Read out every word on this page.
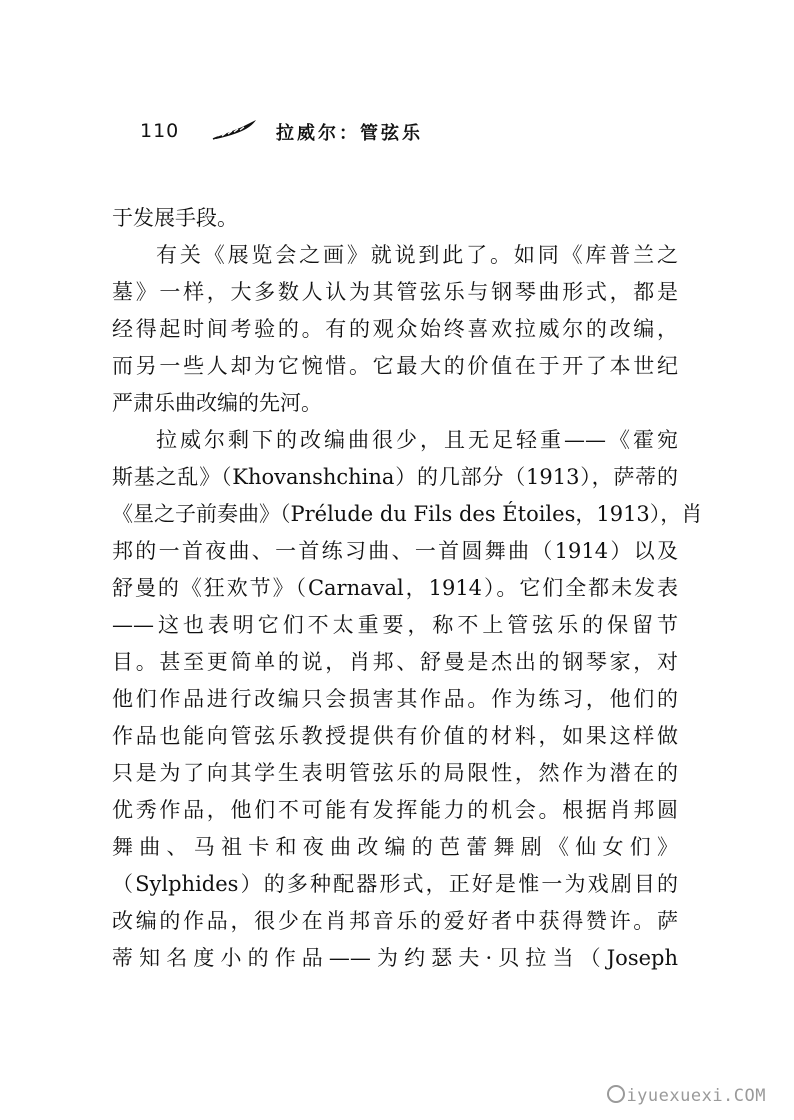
110	拉威尔：管弦乐
于发展手段。
有关《展览会之画》就说到此了。如同《库普兰之
墓》一样，大多数人认为其管弦乐与钢琴曲形式，都是
经得起时间考验的。有的观众始终喜欢拉威尔的改编，
而另一些人却为它惋惜。它最大的价值在于开了本世纪
严肃乐曲改编的先河。
拉威尔剩下的改编曲很少，且无足轻重——《霍宛
斯基之乱》（Khovanshchina）的几部分（1913），萨蒂的
《星之子前奏曲》（Prélude du Fils des Étoiles，1913），肖
邦的一首夜曲、一首练习曲、一首圆舞曲（1914）以及
舒曼的《狂欢节》（Carnaval，1914）。它们全都未发表
——这也表明它们不太重要，称不上管弦乐的保留节
目。甚至更简单的说，肖邦、舒曼是杰出的钢琴家，对
他们作品进行改编只会损害其作品。作为练习，他们的
作品也能向管弦乐教授提供有价值的材料，如果这样做
只是为了向其学生表明管弦乐的局限性，然作为潜在的
优秀作品，他们不可能有发挥能力的机会。根据肖邦圆
舞曲、马祖卡和夜曲改编的芭蕾舞剧《仙女们》
（Sylphides）的多种配器形式，正好是惟一为戏剧目的
改编的作品，很少在肖邦音乐的爱好者中获得赞许。萨
蒂知名度小的作品——为约瑟夫·贝拉当（Joseph
iyuexuexi.COM
